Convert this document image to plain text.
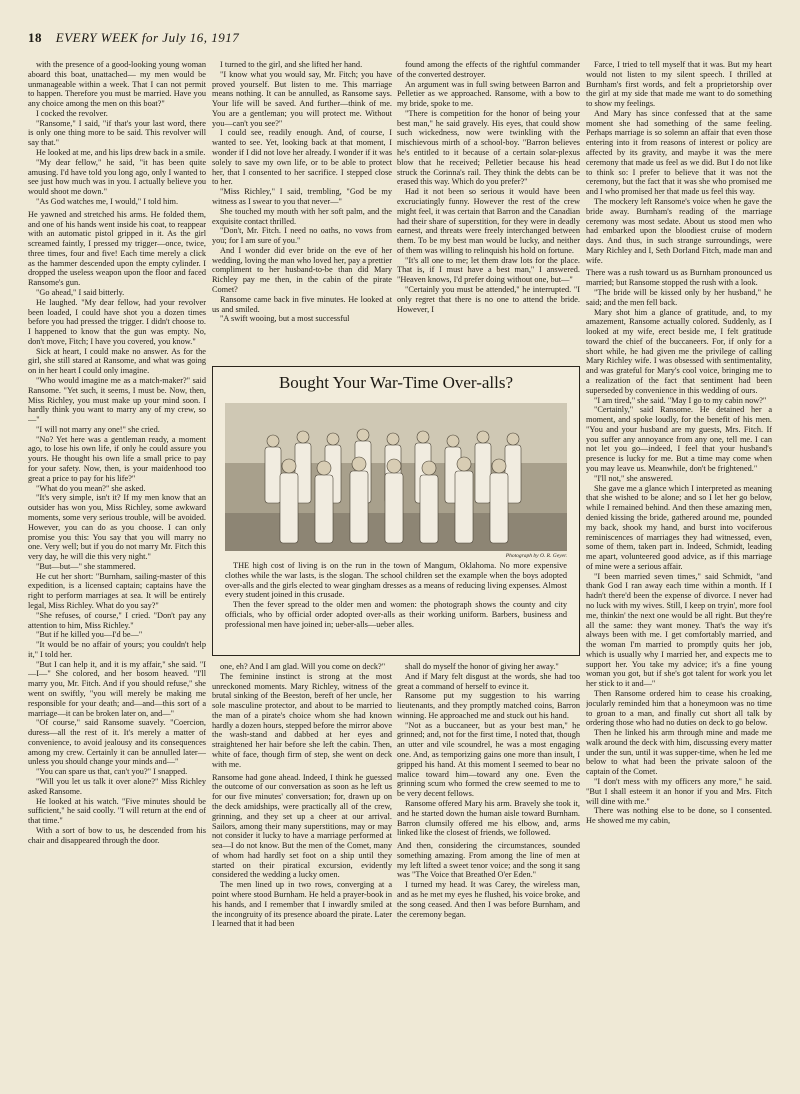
18 EVERY WEEK for July 16, 1917

with the presence of a good-looking young woman aboard this boat, unattached— my men would be unmanageable within a week. That I can not permit to happen. Therefore you must be married. Have you any choice among the men on this boat?"

I cocked the revolver.

"Ransome," I said, "if that's your last word, there is only one thing more to be said. This revolver will say that."

He looked at me, and his lips drew back in a smile.

"My dear fellow," he said, "it has been quite amusing. I'd have told you long ago, only I wanted to see just how much was in you. I actually believe you would shoot me down."

"As God watches me, I would," I told him.

He yawned and stretched his arms. He folded them, and one of his hands went inside his coat, to reappear with an automatic pistol gripped in it. As the girl screamed faintly, I pressed my trigger—once, twice, three times, four and five! Each time merely a click as the hammer descended upon the empty cylinder. I dropped the useless weapon upon the floor and faced Ransome's gun.

"Go ahead," I said bitterly.

He laughed. "My dear fellow, had your revolver been loaded, I could have shot you a dozen times before you had pressed the trigger. I didn't choose to. I happened to know that the gun was empty. No, don't move, Fitch; I have you covered, you know."

Sick at heart, I could make no answer. As for the girl, she still stared at Ransome, and what was going on in her heart I could only imagine.

"Who would imagine me as a match-maker?" said Ransome. "Yet such, it seems, I must be. Now, then, Miss Richley, you must make up your mind soon. I hardly think you want to marry any of my crew, so—"

"I will not marry any one!" she cried.

"No? Yet here was a gentleman ready, a moment ago, to lose his own life, if only he could assure you yours. He thought his own life a small price to pay for your safety. Now, then, is your maidenhood too great a price to pay for his life?"

"What do you mean?" she asked.

"It's very simple, isn't it? If my men know that an outsider has won you, Miss Richley, some awkward moments, some very serious trouble, will be avoided. However, you can do as you choose. I can only promise you this: You say that you will marry no one. Very well; but if you do not marry Mr. Fitch this very day, he will die this very night."

"But—but—" she stammered.

He cut her short: "Burnham, sailing-master of this expedition, is a licensed captain; captains have the right to perform marriages at sea. It will be entirely legal, Miss Richley. What do you say?"

"She refuses, of course," I cried. "Don't pay any attention to him, Miss Richley."

"But if he killed you—I'd be—"

"It would be no affair of yours; you couldn't help it," I told her.

"But I can help it, and it is my affair," she said. "I—I—" She colored, and her bosom heaved. "I'll marry you, Mr. Fitch. And if you should refuse," she went on swiftly, "you will merely be making me responsible for your death; and—and—this sort of a marriage—it can be broken later on, and—"

"Of course," said Ransome suavely. "Coercion, duress—all the rest of it. It's merely a matter of convenience, to avoid jealousy and its consequences among my crew. Certainly it can be annulled later—unless you should change your minds and—"

"You can spare us that, can't you?" I snapped.

"Will you let us talk it over alone?" Miss Richley asked Ransome.

He looked at his watch. "Five minutes should be sufficient," he said coolly. "I will return at the end of that time."

With a sort of bow to us, he descended from his chair and disappeared through the door.

I turned to the girl, and she lifted her hand.

"I know what you would say, Mr. Fitch; you have proved yourself. But listen to me. This marriage means nothing. It can be annulled, as Ransome says. Your life will be saved. And further—think of me. You are a gentleman; you will protect me. Without you—can't you see?"

I could see, readily enough. And, of course, I wanted to see. Yet, looking back at that moment, I wonder if I did not love her already. I wonder if it was solely to save my own life, or to be able to protect her, that I consented to her sacrifice. I stepped close to her.

"Miss Richley," I said, trembling, "God be my witness as I swear to you that never—"

She touched my mouth with her soft palm, and the exquisite contact thrilled.

"Don't, Mr. Fitch. I need no oaths, no vows from you; for I am sure of you."

And I wonder did ever bride on the eve of her wedding, loving the man who loved her, pay a prettier compliment to her husband-to-be than did Mary Richley pay me then, in the cabin of the pirate Comet?

Ransome came back in five minutes. He looked at us and smiled.

"A swift wooing, but a most successful

found among the effects of the rightful commander of the converted destroyer.

An argument was in full swing between Barron and Pelletier as we approached. Ransome, with a bow to my bride, spoke to me.

"There is competition for the honor of being your best man," he said gravely. His eyes, that could show such wickedness, now were twinkling with the mischievous mirth of a school-boy. "Barron believes he's entitled to it because of a certain solar-plexus blow that he received; Pelletier because his head struck the Corinna's rail. They think the debts can be erased this way. Which do you prefer?"

Had it not been so serious it would have been excruciatingly funny. However the rest of the crew might feel, it was certain that Barron and the Canadian had their share of superstition, for they were in deadly earnest, and threats were freely interchanged between them. To be my best man would be lucky, and neither of them was willing to relinquish his hold on fortune.

"It's all one to me; let them draw lots for the place. That is, if I must have a best man," I answered. "Heaven knows, I'd prefer doing without one, but—"

"Certainly you must be attended," he interrupted. "I only regret that there is no one to attend the bride. However, I

Farce, I tried to tell myself that it was. But my heart would not listen to my silent speech. I thrilled at Burnham's first words, and felt a proprietorship over the girl at my side that made me want to do something to show my feelings.

And Mary has since confessed that at the same moment she had something of the same feeling. Perhaps marriage is so solemn an affair that even those entering into it from reasons of interest or policy are affected by its gravity, and maybe it was the mere ceremony that made us feel as we did. But I do not like to think so: I prefer to believe that it was not the ceremony, but the fact that it was she who promised me and I who promised her that made us feel this way.

The mockery left Ransome's voice when he gave the bride away. Burnham's reading of the marriage ceremony was most sedate. About us stood men who had embarked upon the bloodiest cruise of modern days. And thus, in such strange surroundings, were Mary Richley and I, Seth Dorland Fitch, made man and wife.

There was a rush toward us as Burnham pronounced us married; but Ransome stopped the rush with a look.

"The bride will be kissed only by her husband," he said; and the men fell back.

Mary shot him a glance of gratitude, and, to my amazement, Ransome actually colored. Suddenly, as I looked at my wife, erect beside me, I felt gratitude toward the chief of the buccaneers. For, if only for a short while, he had given me the privilege of calling Mary Richley wife. I was obsessed with sentimentality, and was grateful for Mary's cool voice, bringing me to a realization of the fact that sentiment had been superseded by convenience in this wedding of ours.

"I am tired," she said. "May I go to my cabin now?"

"Certainly," said Ransome. He detained her a moment, and spoke loudly, for the benefit of his men. "You and your husband are my guests, Mrs. Fitch. If you suffer any annoyance from any one, tell me. I can not let you go—indeed, I feel that your husband's presence is lucky for me. But a time may come when you may leave us. Meanwhile, don't be frightened."

"I'll not," she answered.

She gave me a glance which I interpreted as meaning that she wished to be alone; and so I let her go below, while I remained behind. And then these amazing men, denied kissing the bride, gathered around me, pounded my back, shook my hand, and burst into vociferous reminiscences of marriages they had witnessed, even, some of them, taken part in. Indeed, Schmidt, leading me apart, volunteered good advice, as if this marriage of mine were a serious affair.

"I been married seven times," said Schmidt, "and thank God I ran away each time within a month. If I hadn't there'd been the expense of divorce. I never had no luck with my wives. Still, I keep on tryin', more fool me, thinkin' the next one would be all right. But they're all the same: they want money. That's the way it's always been with me. I get comfortably married, and the woman I'm married to promptly quits her job, which is usually why I married her, and expects me to support her. You take my advice; it's a fine young woman you got, but if she's got talent for work you let her stick to it and—"

Then Ransome ordered him to cease his croaking, jocularly reminded him that a honeymoon was no time to groan to a man, and finally cut short all talk by ordering those who had no duties on deck to go below.

Then he linked his arm through mine and made me walk around the deck with him, discussing every matter under the sun, until it was supper-time, when he led me below to what had been the private saloon of the captain of the Comet.

"I don't mess with my officers any more," he said. "But I shall esteem it an honor if you and Mrs. Fitch will dine with me."

There was nothing else to be done, so I consented. He showed me my cabin,

Bought Your War-Time Over-alls?
Photograph by O. R. Geyer.

THE high cost of living is on the run in the town of Mangum, Oklahoma. No more expensive clothes while the war lasts, is the slogan. The school children set the example when the boys adopted over-alls and the girls elected to wear gingham dresses as a means of reducing living expenses. Almost every student joined in this crusade.

Then the fever spread to the older men and women: the photograph shows the county and city officials, who by official order adopted over-alls as their working uniform. Barbers, business and professional men have joined in; ueber-alls—ueber alles.

one, eh? And I am glad. Will you come on deck?"

The feminine instinct is strong at the most unreckoned moments. Mary Richley, witness of the brutal sinking of the Beeston, bereft of her uncle, her sole masculine protector, and about to be married to the man of a pirate's choice whom she had known hardly a dozen hours, stepped before the mirror above the wash-stand and dabbed at her eyes and straightened her hair before she left the cabin. Then, white of face, though firm of step, she went on deck with me.

Ransome had gone ahead. Indeed, I think he guessed the outcome of our conversation as soon as he left us for our five minutes' conversation; for, drawn up on the deck amidships, were practically all of the crew, grinning, and they set up a cheer at our arrival. Sailors, among their many superstitions, may or may not consider it lucky to have a marriage performed at sea—I do not know. But the men of the Comet, many of whom had hardly set foot on a ship until they started on their piratical excursion, evidently considered the wedding a lucky omen.

The men lined up in two rows, converging at a point where stood Burnham. He held a prayer-book in his hands, and I remember that I inwardly smiled at the incongruity of its presence aboard the pirate. Later I learned that it had been

shall do myself the honor of giving her away."

And if Mary felt disgust at the words, she had too great a command of herself to evince it.

Ransome put my suggestion to his warring lieutenants, and they promptly matched coins, Barron winning. He approached me and stuck out his hand.

"Not as a buccaneer, but as your best man," he grinned; and, not for the first time, I noted that, though an utter and vile scoundrel, he was a most engaging one. And, as temporizing gains one more than insult, I gripped his hand. At this moment I seemed to bear no malice toward him—toward any one. Even the grinning scum who formed the crew seemed to me to be very decent fellows.

Ransome offered Mary his arm. Bravely she took it, and he started down the human aisle toward Burnham. Barron clumsily offered me his elbow, and, arms linked like the closest of friends, we followed.

And then, considering the circumstances, sounded something amazing. From among the line of men at my left lifted a sweet tenor voice; and the song it sang was "The Voice that Breathed O'er Eden."

I turned my head. It was Carey, the wireless man, and as he met my eyes he flushed, his voice broke, and the song ceased. And then I was before Burnham, and the ceremony began.
